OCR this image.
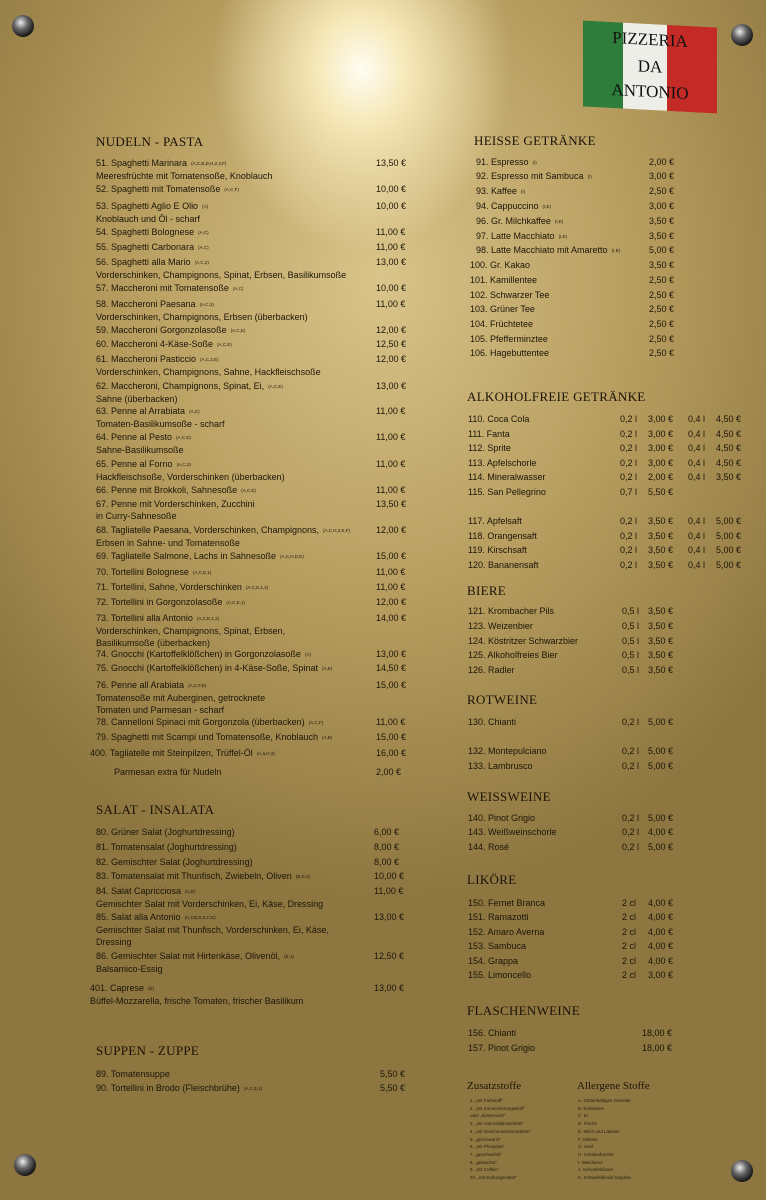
PIZZERIA
DA
ANTONIO
NUDELN - PASTA
SALAT - INSALATA
SUPPEN - ZUPPE
HEISSE GETRÄNKE
ALKOHOLFREIE GETRÄNKE
BIERE
ROTWEINE
WEISSWEINE
LIKÖRE
FLASCHENWEINE
51. Spaghetti Marinara (A,C,B,D,H,2,3,F)
Meeresfrüchte mit Tomatensoße, Knoblauch
13,50 €
52. Spaghetti mit Tomatensoße (A,C,F)	10,00 €
53. Spaghetti Aglio E Olio (A)
Knoblauch und Öl - scharf
10,00 €
54. Spaghetti Bolognese (A,C)	11,00 €
55. Spaghetti Carbonara (A,C)	11,00 €
56. Spaghetti alla Mario (A,C,2)
Vorderschinken, Champignons, Spinat, Erbsen, Basilikumsoße
13,00 €
57. Maccheroni mit Tomatensoße (A,C)	10,00 €
58. Maccheroni Paesana (A,C,2)
Vorderschinken, Champignons, Erbsen (überbacken)
11,00 €
59. Maccheroni Gorgonzolasoße (A,C,E)	12,00 €
60. Maccheroni 4-Käse-Soße (A,C,E)	12,50 €
61. Maccheroni Pasticcio (A,C,2,E)
Vorderschinken, Champignons, Sahne, Hackfleischsoße
12,00 €
62. Maccheroni, Champignons, Spinat, Ei, (A,C,E)
Sahne (überbacken)
13,00 €
63. Penne al Arrabiata (A,C)
Tomaten-Basilikumsoße - scharf
11,00 €
64. Penne al Pesto (A,C,E)
Sahne-Basilikumsoße
11,00 €
65. Penne al Forno (A,C,2)
Hackfleischsoße, Vorderschinken (überbacken)
11,00 €
66. Penne mit Brokkoli, Sahnesoße (A,C,E)	11,00 €
67. Penne mit Vorderschinken, Zucchini
in Curry-Sahnesoße
13,50 €
68. Tagliatelle Paesana, Vorderschinken, Champignons, (A,C,H,2,E,F)
Erbsen in Sahne- und Tomatensoße
12,00 €
69. Tagliatelle Salmone, Lachs in Sahnesoße (A,C,H,D,E)	15,00 €
70. Tortellini Bolognese (A,C,E,1)	11,00 €
71. Tortellini, Sahne, Vorderschinken (A,C,E,1,2)	11,00 €
72. Tortellini in Gorgonzolasoße (A,C,E,1)	12,00 €
73. Tortellini alla Antonio (A,C,E,1,2)
Vorderschinken, Champignons, Spinat, Erbsen,
Basilikumsoße (überbacken)
14,00 €
74. Gnocchi (Kartoffelklößchen) in Gorgonzolasoße (A)	13,00 €
75. Gnocchi (Kartoffelklößchen) in 4-Käse-Soße, Spinat (A,E)	14,50 €
76. Penne all Arabiata (A,C,F,E)
Tomatensoße mit Auberginen, getrocknete
Tomaten und Parmesan - scharf
15,00 €
78. Cannelloni Spinaci mit Gorgonzola (überbacken) (A,C,F)	11,00 €
79. Spaghetti mit Scampi und Tomatensoße, Knoblauch (A,B)	15,00 €
400. Tagliatelle mit Steinpilzen, Trüffel-Öl (A,a,H,3)	16,00 €
Parmesan extra für Nudeln	2,00 €
80. Grüner Salat (Joghurtdressing)	6,00 €
81. Tomatensalat (Joghurtdressing)	8,00 €
82. Gemischter Salat (Joghurtdressing)	8,00 €
83. Tomatensalat mit Thunfisch, Zwiebeln, Oliven (B,D,3)	10,00 €
84. Salat Capricciosa (C,E)
Gemischter Salat mit Vorderschinken, Ei, Käse, Dressing
11,00 €
85. Salat alla Antonio (A,2,B,D,3,C,E)
Gemischter Salat mit Thunfisch, Vorderschinken, Ei, Käse,
Dressing
13,00 €
86. Gemischter Salat mit Hirtenkäse, Olivenöl, (E,1)
Balsamico-Essig
12,50 €
401. Caprese (E)
Büffel-Mozzarella, frische Tomaten, frischer Basilikum
13,00 €
89. Tomatensuppe	5,50 €
90. Tortellini in Brodo (Fleischbrühe) (A,C,E,1)	5,50 €
91. Espresso (I)	2,00 €
92. Espresso mit Sambuca (I)	3,00 €
93. Kaffee (I)	2,50 €
94. Cappuccino (I,E)	3,00 €
96. Gr. Milchkaffee (I,E)	3,50 €
97. Latte Macchiato (I,E)	3,50 €
98. Latte Macchiato mit Amaretto (I,E)	5,00 €
100. Gr. Kakao	3,50 €
101. Kamillentee	2,50 €
102. Schwarzer Tee	2,50 €
103. Grüner Tee	2,50 €
104. Früchtetee	2,50 €
105. Pfefferminztee	2,50 €
106. Hagebuttentee	2,50 €
110. Coca Cola	0,2 l 3,00 € 0,4 l 4,50 €
111. Fanta	0,2 l 3,00 € 0,4 l 4,50 €
112. Sprite	0,2 l 3,00 € 0,4 l 4,50 €
113. Apfelschorle	0,2 l 3,00 € 0,4 l 4,50 €
114. Mineralwasser	0,2 l 2,00 € 0,4 l 3,50 €
115. San Pellegrino	0,7 l 5,50 €
117. Apfelsaft	0,2 l 3,50 € 0,4 l 5,00 €
118. Orangensaft	0,2 l 3,50 € 0,4 l 5,00 €
119. Kirschsaft	0,2 l 3,50 € 0,4 l 5,00 €
120. Bananensaft	0,2 l 3,50 € 0,4 l 5,00 €
121. Krombacher Pils	0,5 l 3,50 €
123. Weizenbier	0,5 l 3,50 €
124. Köstritzer Schwarzbier	0,5 l 3,50 €
125. Alkoholfreies Bier	0,5 l 3,50 €
126. Radler	0,5 l 3,50 €
130. Chianti	0,2 l 5,00 €
132. Montepulciano	0,2 l 5,00 €
133. Lambrusco	0,2 l 5,00 €
140. Pinot Grigio	0,2 l 5,00 €
143. Weißweinschorle	0,2 l 4,00 €
144. Rosé	0,2 l 5,00 €
150. Fernet Branca	2 cl 4,00 €
151. Ramazotti	2 cl 4,00 €
152. Amaro Averna	2 cl 4,00 €
153. Sambuca	2 cl 4,00 €
154. Grappa	2 cl 4,00 €
155. Limoncello	2 cl 3,00 €
156. Chianti	18,00 €
157. Pinot Grigio	18,00 €
1. „mit Farbstoff“
2. „mit Konservierungsstoff“
oder „konserviert“
3. „mit Antioxidationsmittel“
4. „mit Geschmacksverstärker“
5. „geschwärzt“
6. „mit Phosphat“
7. „geschwefelt“
8. „gewachst“
9. „mit Coffein“
10. „mit Süßungsmittel“
A. Glutenhaltiges Getreide
B. Krebstiere
C. Ei
D. Fische
E. Milch und Laktose
F. Sellerie
G. Senf
H. Schalenfrüchte
I. Weichtiere
J. Schwefeldioxid
K. Schwefeldioxid Sulphite
Zusatzstoffe	Allergene Stoffe
